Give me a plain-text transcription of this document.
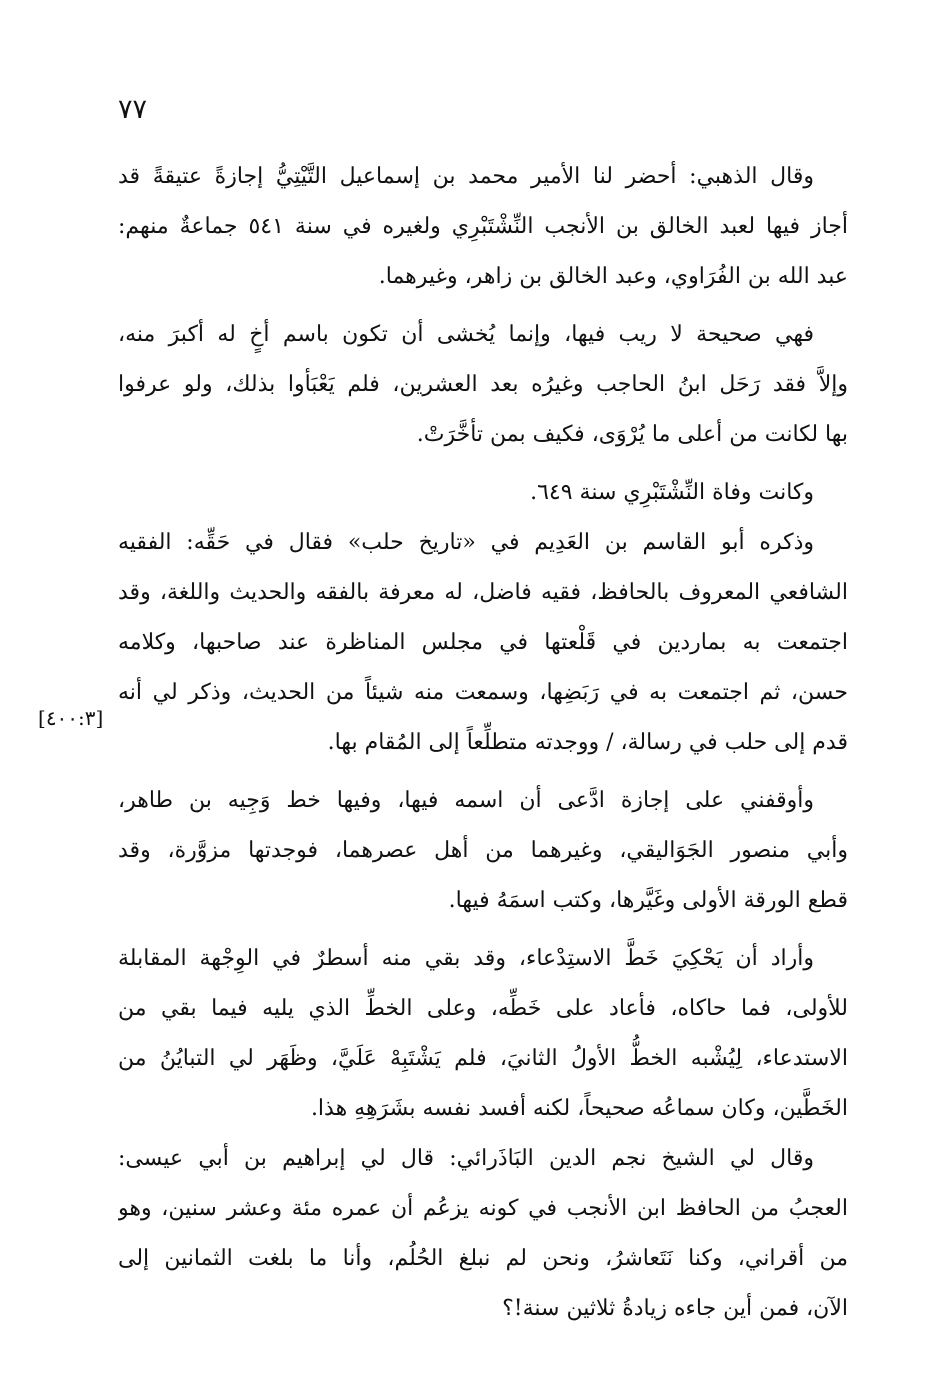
٧٧
[٤٠٠:٣]
وقال الذهبي: أحضر لنا الأمير محمد بن إسماعيل التَّيْتِيُّ إجازةً عتيقةً قد
أجاز فيها لعبد الخالق بن الأنجب النِّشْتَبْرِي ولغيره في سنة ٥٤١ جماعةٌ منهم:
عبد الله بن الفُرَاوي، وعبد الخالق بن زاهر، وغيرهما.
فهي صحيحة لا ريب فيها، وإنما يُخشى أن تكون باسم أخٍ له أكبرَ منه،
وإلاَّ فقد رَحَل ابنُ الحاجب وغيرُه بعد العشرين، فلم يَعْبَأوا بذلك، ولو عرفوا
بها لكانت من أعلى ما يُرْوَى، فكيف بمن تأخَّرَتْ.
وكانت وفاة النِّشْتَبْرِي سنة ٦٤٩.
وذكره أبو القاسم بن العَدِيم في «تاريخ حلب» فقال في حَقِّه: الفقيه
الشافعي المعروف بالحافظ، فقيه فاضل، له معرفة بالفقه والحديث واللغة، وقد
اجتمعت به بماردين في قَلْعتها في مجلس المناظرة عند صاحبها، وكلامه
حسن، ثم اجتمعت به في رَبَضِها، وسمعت منه شيئاً من الحديث، وذكر لي أنه
قدم إلى حلب في رسالة، / ووجدته متطلِّعاً إلى المُقام بها.
وأوقفني على إجازة ادَّعى أن اسمه فيها، وفيها خط وَجِيه بن طاهر،
وأبي منصور الجَوَاليقي، وغيرهما من أهل عصرهما، فوجدتها مزوَّرة، وقد
قطع الورقة الأولى وغَيَّرها، وكتب اسمَهُ فيها.
وأراد أن يَحْكِيَ خَطَّ الاستِدْعاء، وقد بقي منه أسطرٌ في الوِجْهة المقابلة
للأولى، فما حاكاه، فأعاد على خَطِّه، وعلى الخطِّ الذي يليه فيما بقي من
الاستدعاء، لِيُشْبه الخطُّ الأولُ الثانيَ، فلم يَشْتَبِهْ عَلَيَّ، وظَهَر لي التبايُنُ من
الخَطَّين، وكان سماعُه صحيحاً، لكنه أفسد نفسه بشَرَهِهِ هذا.
وقال لي الشيخ نجم الدين البَاذَرائي: قال لي إبراهيم بن أبي عيسى:
العجبُ من الحافظ ابن الأنجب في كونه يزعُم أن عمره مئة وعشر سنين، وهو
من أقراني، وكنا نَتَعاشرُ، ونحن لم نبلغ الحُلُم، وأنا ما بلغت الثمانين إلى
الآن، فمن أين جاءه زيادةُ ثلاثين سنة!؟
